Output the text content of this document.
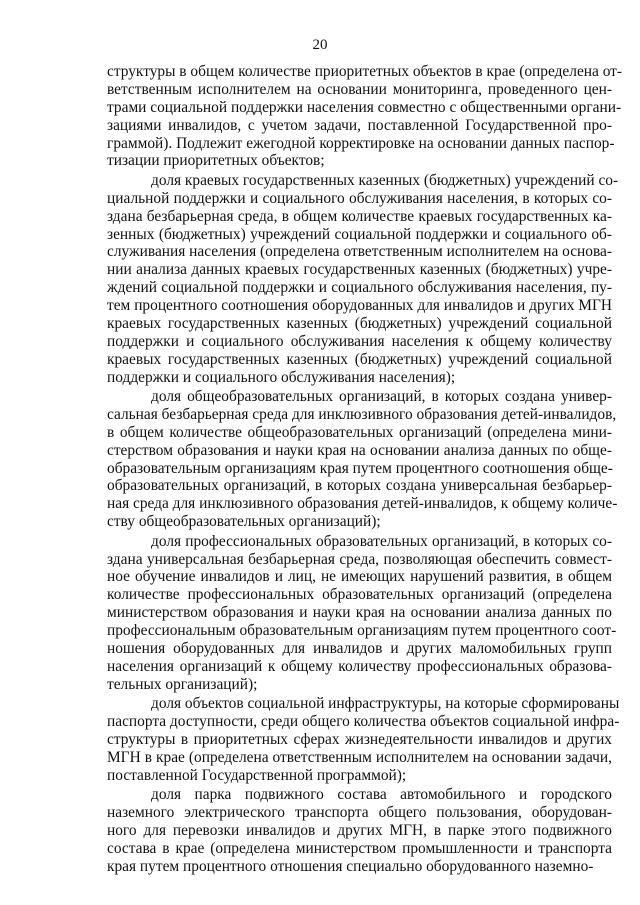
20
структуры в общем количестве приоритетных объектов в крае (определена от-
ветственным исполнителем на основании мониторинга, проведенного цен-
трами социальной поддержки населения совместно с общественными органи-
зациями инвалидов, с учетом задачи, поставленной Государственной про-
граммой). Подлежит ежегодной корректировке на основании данных паспор-
тизации приоритетных объектов;
доля краевых государственных казенных (бюджетных) учреждений со-
циальной поддержки и социального обслуживания населения, в которых со-
здана безбарьерная среда, в общем количестве краевых государственных ка-
зенных (бюджетных) учреждений социальной поддержки и социального об-
служивания населения (определена ответственным исполнителем на основа-
нии анализа данных краевых государственных казенных (бюджетных) учре-
ждений социальной поддержки и социального обслуживания населения, пу-
тем процентного соотношения оборудованных для инвалидов и других МГН
краевых государственных казенных (бюджетных) учреждений социальной
поддержки и социального обслуживания населения к общему количеству
краевых государственных казенных (бюджетных) учреждений социальной
поддержки и социального обслуживания населения);
доля общеобразовательных организаций, в которых создана универ-
сальная безбарьерная среда для инклюзивного образования детей-инвалидов,
в общем количестве общеобразовательных организаций (определена мини-
стерством образования и науки края на основании анализа данных по обще-
образовательным организациям края путем процентного соотношения обще-
образовательных организаций, в которых создана универсальная безбарьер-
ная среда для инклюзивного образования детей-инвалидов, к общему количе-
ству общеобразовательных организаций);
доля профессиональных образовательных организаций, в которых со-
здана универсальная безбарьерная среда, позволяющая обеспечить совмест-
ное обучение инвалидов и лиц, не имеющих нарушений развития, в общем
количестве профессиональных образовательных организаций (определена
министерством образования и науки края на основании анализа данных по
профессиональным образовательным организациям путем процентного соот-
ношения оборудованных для инвалидов и других маломобильных групп
населения организаций к общему количеству профессиональных образова-
тельных организаций);
доля объектов социальной инфраструктуры, на которые сформированы
паспорта доступности, среди общего количества объектов социальной инфра-
структуры в приоритетных сферах жизнедеятельности инвалидов и других
МГН в крае (определена ответственным исполнителем на основании задачи,
поставленной Государственной программой);
доля парка подвижного состава автомобильного и городского
наземного электрического транспорта общего пользования, оборудован-
ного для перевозки инвалидов и других МГН, в парке этого подвижного
состава в крае (определена министерством промышленности и транспорта
края путем процентного отношения специально оборудованного наземно-
